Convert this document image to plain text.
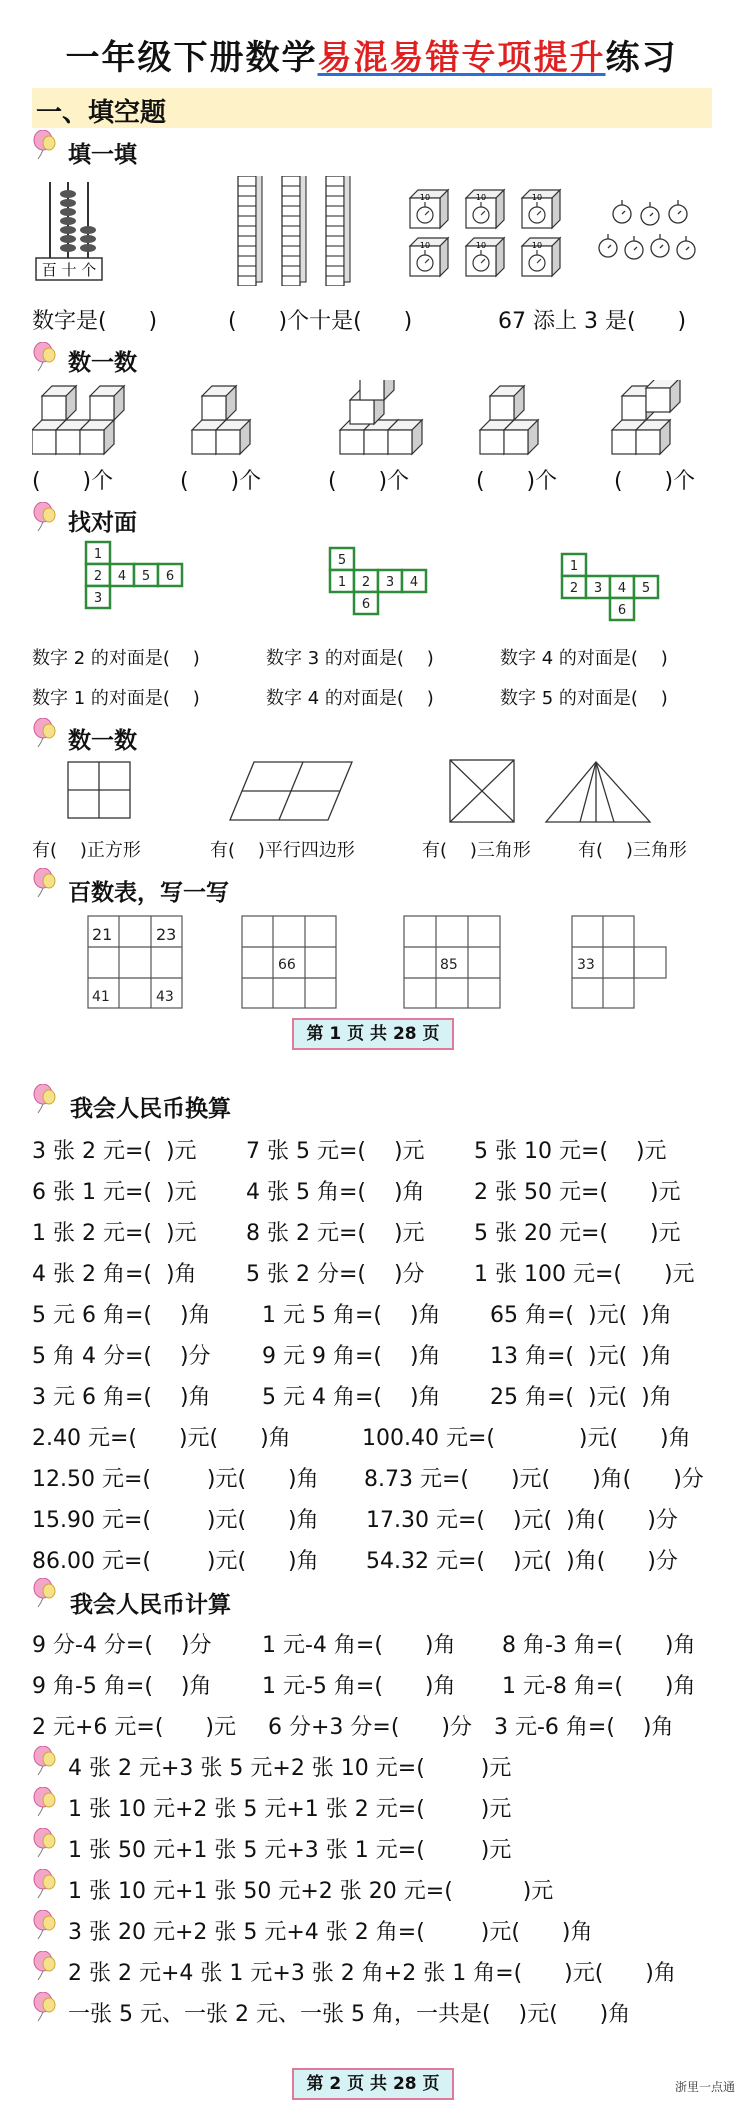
一年级下册数学易混易错专项提升练习
一、填空题
填一填
百 十 个
10	10	10
10	10	10
数字是(      )	(      )个十是(      )	67 添上 3 是(      )
数一数
(      )个	(      )个	(      )个	(      )个	(      )个
找对面
1
2 4 5 6
3
5
1 2 3 4
6
1
2 3 4 5
6
数字 2 的对面是(    )	数字 3 的对面是(    )	数字 4 的对面是(    )
数字 1 的对面是(    )	数字 4 的对面是(    )	数字 5 的对面是(    )
数一数
有(    )正方形	有(    )平行四边形	有(    )三角形	有(    )三角形
百数表，写一写
21	23
41	43
66	85	33
第 1 页 共 28 页
我会人民币换算
3 张 2 元=(  )元 7 张 5 元=(    )元 5 张 10 元=(    )元
6 张 1 元=(  )元 4 张 5 角=(    )角 2 张 50 元=(      )元
1 张 2 元=(  )元 8 张 2 元=(    )元 5 张 20 元=(      )元
4 张 2 角=(  )角 5 张 2 分=(    )分 1 张 100 元=(      )元
5 元 6 角=(    )角 1 元 5 角=(    )角 65 角=(  )元(  )角
5 角 4 分=(    )分 9 元 9 角=(    )角 13 角=(  )元(  )角
3 元 6 角=(    )角 5 元 4 角=(    )角 25 角=(  )元(  )角
2.40 元=(      )元(      )角	100.40 元=(            )元(      )角
12.50 元=(        )元(      )角 8.73 元=(      )元(      )角(      )分
15.90 元=(        )元(      )角 17.30 元=(    )元(  )角(      )分
86.00 元=(        )元(      )角 54.32 元=(    )元(  )角(      )分
我会人民币计算
9 分-4 分=(    )分 1 元-4 角=(      )角 8 角-3 角=(      )角
9 角-5 角=(    )角 1 元-5 角=(      )角 1 元-8 角=(      )角
2 元+6 元=(      )元 6 分+3 分=(      )分 3 元-6 角=(    )角
4 张 2 元+3 张 5 元+2 张 10 元=(        )元
1 张 10 元+2 张 5 元+1 张 2 元=(        )元
1 张 50 元+1 张 5 元+3 张 1 元=(        )元
1 张 10 元+1 张 50 元+2 张 20 元=(          )元
3 张 20 元+2 张 5 元+4 张 2 角=(        )元(      )角
2 张 2 元+4 张 1 元+3 张 2 角+2 张 1 角=(      )元(      )角
一张 5 元、一张 2 元、一张 5 角，一共是(    )元(      )角
第 2 页 共 28 页	浙里一点通
